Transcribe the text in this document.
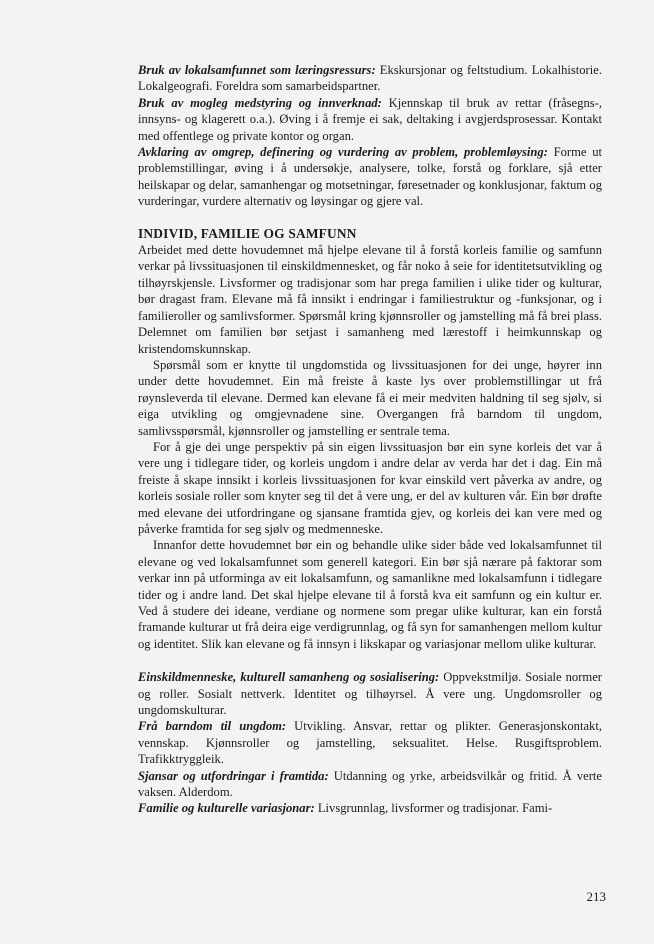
Bruk av lokalsamfunnet som læringsressurs: Ekskursjonar og feltstudium. Lokalhistorie. Lokalgeografi. Foreldra som samarbeidspartner.

Bruk av mogleg medstyring og innverknad: Kjennskap til bruk av rettar (fråsegns-, innsyns- og klagerett o.a.). Øving i å fremje ei sak, deltaking i avgjerdsprosessar. Kontakt med offentlege og private kontor og organ.

Avklaring av omgrep, definering og vurdering av problem, problemløysing: Forme ut problemstillingar, øving i å undersøkje, analysere, tolke, forstå og forklare, sjå etter heilskapar og delar, samanhengar og motsetningar, føresetnader og konklusjonar, faktum og vurderingar, vurdere alternativ og løysingar og gjere val.

INDIVID, FAMILIE OG SAMFUNN

Arbeidet med dette hovudemnet må hjelpe elevane til å forstå korleis familie og samfunn verkar på livssituasjonen til einskildmennesket, og får noko å seie for identitetsutvikling og tilhøyrskjensle. Livsformer og tradisjonar som har prega familien i ulike tider og kulturar, bør dragast fram. Elevane må få innsikt i endringar i familiestruktur og -funksjonar, og i familieroller og samlivsformer. Spørsmål kring kjønnsroller og jamstelling må få brei plass. Delemnet om familien bør setjast i samanheng med lærestoff i heimkunnskap og kristendomskunnskap.

Spørsmål som er knytte til ungdomstida og livssituasjonen for dei unge, høyrer inn under dette hovudemnet. Ein må freiste å kaste lys over problemstillingar ut frå røynsleverda til elevane. Dermed kan elevane få ei meir medviten haldning til seg sjølv, si eiga utvikling og omgjevnadene sine. Overgangen frå barndom til ungdom, samlivsspørsmål, kjønnsroller og jamstelling er sentrale tema.

For å gje dei unge perspektiv på sin eigen livssituasjon bør ein syne korleis det var å vere ung i tidlegare tider, og korleis ungdom i andre delar av verda har det i dag. Ein må freiste å skape innsikt i korleis livssituasjonen for kvar einskild vert påverka av andre, og korleis sosiale roller som knyter seg til det å vere ung, er del av kulturen vår. Ein bør drøfte med elevane dei utfordringane og sjansane framtida gjev, og korleis dei kan vere med og påverke framtida for seg sjølv og medmenneske.

Innanfor dette hovudemnet bør ein og behandle ulike sider både ved lokalsamfunnet til elevane og ved lokalsamfunnet som generell kategori. Ein bør sjå nærare på faktorar som verkar inn på utforminga av eit lokalsamfunn, og samanlikne med lokalsamfunn i tidlegare tider og i andre land. Det skal hjelpe elevane til å forstå kva eit samfunn og ein kultur er. Ved å studere dei ideane, verdiane og normene som pregar ulike kulturar, kan ein forstå framande kulturar ut frå deira eige verdigrunnlag, og få syn for samanhengen mellom kultur og identitet. Slik kan elevane og få innsyn i likskapar og variasjonar mellom ulike kulturar.

Einskildmenneske, kulturell samanheng og sosialisering: Oppvekstmiljø. Sosiale normer og roller. Sosialt nettverk. Identitet og tilhøyrsel. Å vere ung. Ungdomsroller og ungdomskulturar.

Frå barndom til ungdom: Utvikling. Ansvar, rettar og plikter. Generasjonskontakt, vennskap. Kjønnsroller og jamstelling, seksualitet. Helse. Rusgiftsproblem. Trafikktryggleik.

Sjansar og utfordringar i framtida: Utdanning og yrke, arbeidsvilkår og fritid. Å verte vaksen. Alderdom.

Familie og kulturelle variasjonar: Livsgrunnlag, livsformer og tradisjonar. Fami-

213
